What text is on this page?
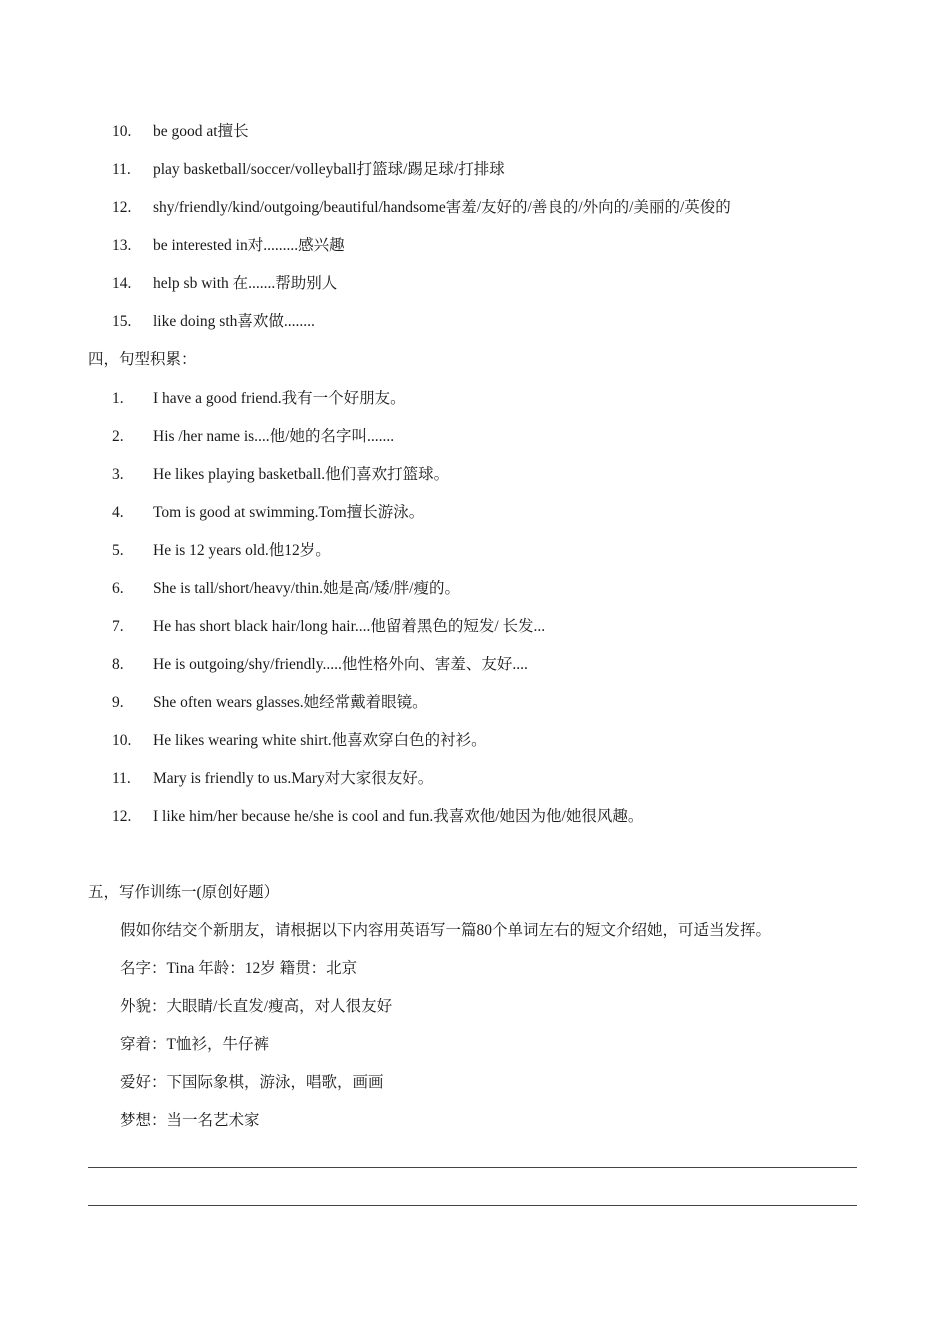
10.	be good at擅长
11.	play basketball/soccer/volleyball打篮球/踢足球/打排球
12.	shy/friendly/kind/outgoing/beautiful/handsome害羞/友好的/善良的/外向的/美丽的/英俊的
13.	be interested in对.........感兴趣
14.	help sb with 在.......帮助别人
15.	like doing sth喜欢做........
四，句型积累：
1.	I have a good friend.我有一个好朋友。
2.	His /her name is....他/她的名字叫.......
3.	He likes playing basketball.他们喜欢打篮球。
4.	Tom is good at swimming.Tom擅长游泳。
5.	He is 12 years old.他12岁。
6.	She is tall/short/heavy/thin.她是高/矮/胖/瘦的。
7.	He has short black hair/long hair....他留着黑色的短发/ 长发...
8.	He is outgoing/shy/friendly.....他性格外向、害羞、友好....
9.	She often wears glasses.她经常戴着眼镜。
10.	He likes wearing white shirt.他喜欢穿白色的衬衫。
11.	Mary is friendly to us.Mary对大家很友好。
12.	I like him/her because he/she is cool and fun.我喜欢他/她因为他/她很风趣。
五，写作训练一(原创好题）
假如你结交个新朋友，请根据以下内容用英语写一篇80个单词左右的短文介绍她，可适当发挥。
名字：Tina 年龄：12岁 籍贯：北京
外貌：大眼睛/长直发/瘦高，对人很友好
穿着：T恤衫，牛仔裤
爱好：下国际象棋，游泳，唱歌，画画
梦想：当一名艺术家
